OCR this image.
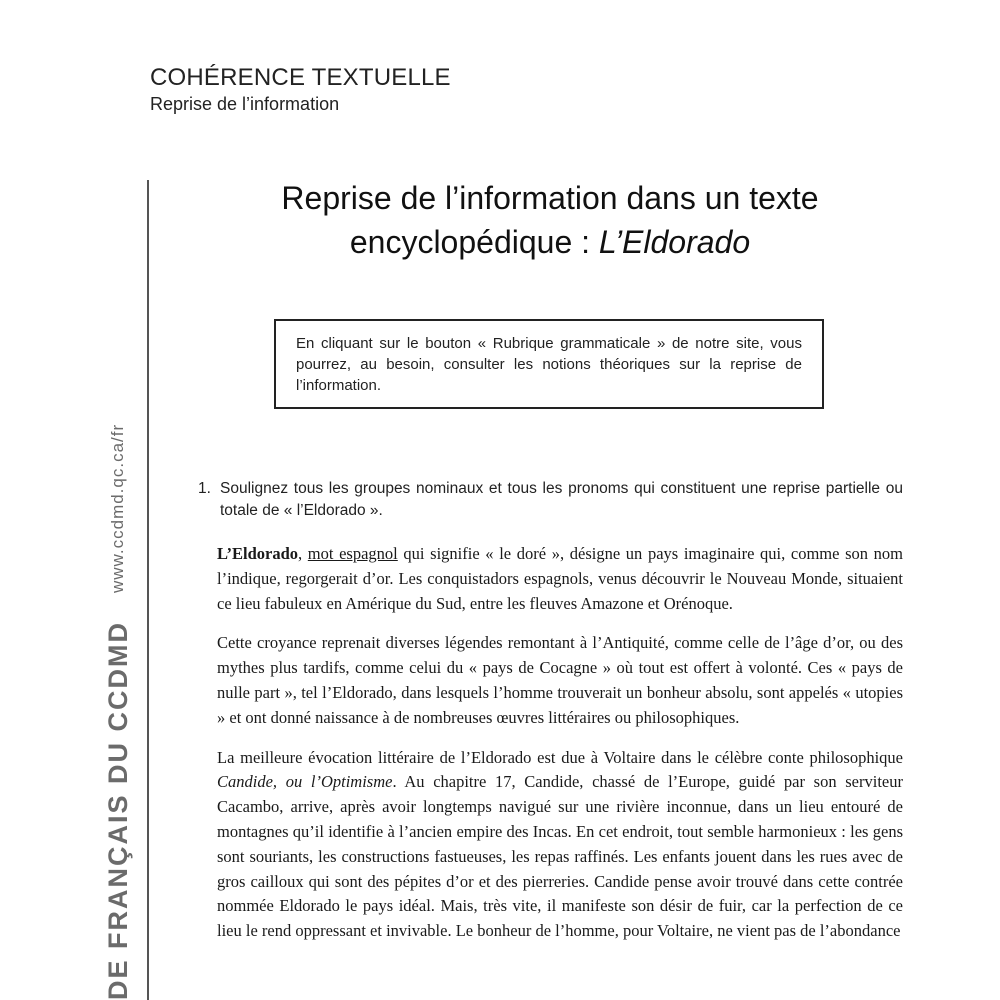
COHÉRENCE TEXTUELLE
Reprise de l’information
DE FRANÇAIS DU CCDMD
www.ccdmd.qc.ca/fr
Reprise de l’information dans un texte
encyclopédique : L’Eldorado
En cliquant sur le bouton « Rubrique grammaticale » de notre site, vous pourrez, au besoin, consulter les notions théoriques sur la reprise de l’information.
1. Soulignez tous les groupes nominaux et tous les pronoms qui constituent une reprise partielle ou totale de « l’Eldorado ».

L’Eldorado, mot espagnol qui signifie « le doré », désigne un pays imaginaire qui, comme son nom l’indique, regorgerait d’or. Les conquistadors espagnols, venus découvrir le Nouveau Monde, situaient ce lieu fabuleux en Amérique du Sud, entre les fleuves Amazone et Orénoque.

Cette croyance reprenait diverses légendes remontant à l’Antiquité, comme celle de l’âge d’or, ou des mythes plus tardifs, comme celui du « pays de Cocagne » où tout est offert à volonté. Ces « pays de nulle part », tel l’Eldorado, dans lesquels l’homme trouverait un bonheur absolu, sont appelés « utopies » et ont donné naissance à de nombreuses œuvres littéraires ou philosophiques.

La meilleure évocation littéraire de l’Eldorado est due à Voltaire dans le célèbre conte philosophique Candide, ou l’Optimisme. Au chapitre 17, Candide, chassé de l’Europe, guidé par son serviteur Cacambo, arrive, après avoir longtemps navigué sur une rivière inconnue, dans un lieu entouré de montagnes qu’il identifie à l’ancien empire des Incas. En cet endroit, tout semble harmonieux : les gens sont souriants, les constructions fastueuses, les repas raffinés. Les enfants jouent dans les rues avec de gros cailloux qui sont des pépites d’or et des pierreries. Candide pense avoir trouvé dans cette contrée nommée Eldorado le pays idéal. Mais, très vite, il manifeste son désir de fuir, car la perfection de ce lieu le rend oppressant et invivable. Le bonheur de l’homme, pour Voltaire, ne vient pas de l’abondance
